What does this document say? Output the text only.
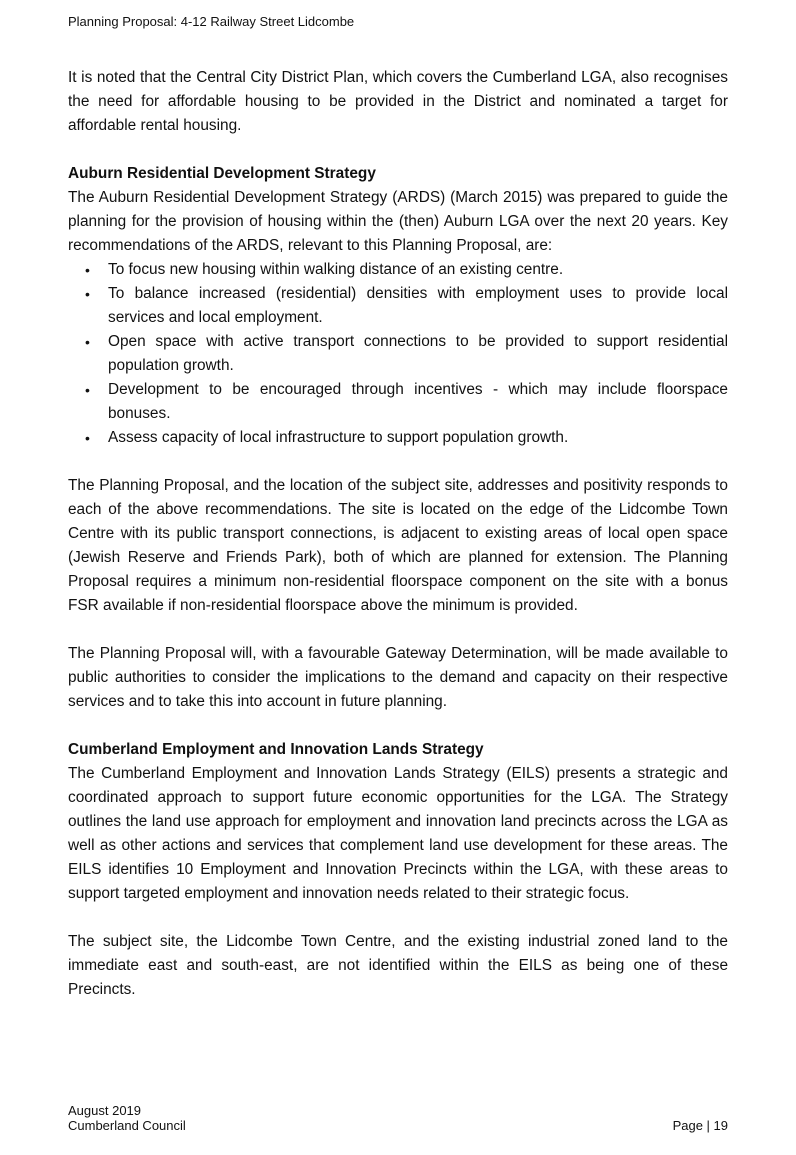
Planning Proposal: 4-12 Railway Street Lidcombe

It is noted that the Central City District Plan, which covers the Cumberland LGA, also recognises the need for affordable housing to be provided in the District and nominated a target for affordable rental housing.

Auburn Residential Development Strategy

The Auburn Residential Development Strategy (ARDS) (March 2015) was prepared to guide the planning for the provision of housing within the (then) Auburn LGA over the next 20 years. Key recommendations of the ARDS, relevant to this Planning Proposal, are:

• To focus new housing within walking distance of an existing centre.
• To balance increased (residential) densities with employment uses to provide local services and local employment.
• Open space with active transport connections to be provided to support residential population growth.
• Development to be encouraged through incentives - which may include floorspace bonuses.
• Assess capacity of local infrastructure to support population growth.

The Planning Proposal, and the location of the subject site, addresses and positivity responds to each of the above recommendations. The site is located on the edge of the Lidcombe Town Centre with its public transport connections, is adjacent to existing areas of local open space (Jewish Reserve and Friends Park), both of which are planned for extension. The Planning Proposal requires a minimum non-residential floorspace component on the site with a bonus FSR available if non-residential floorspace above the minimum is provided.

The Planning Proposal will, with a favourable Gateway Determination, will be made available to public authorities to consider the implications to the demand and capacity on their respective services and to take this into account in future planning.

Cumberland Employment and Innovation Lands Strategy

The Cumberland Employment and Innovation Lands Strategy (EILS) presents a strategic and coordinated approach to support future economic opportunities for the LGA. The Strategy outlines the land use approach for employment and innovation land precincts across the LGA as well as other actions and services that complement land use development for these areas. The EILS identifies 10 Employment and Innovation Precincts within the LGA, with these areas to support targeted employment and innovation needs related to their strategic focus.

The subject site, the Lidcombe Town Centre, and the existing industrial zoned land to the immediate east and south-east, are not identified within the EILS as being one of these Precincts.

August 2019
Cumberland Council	Page | 19
